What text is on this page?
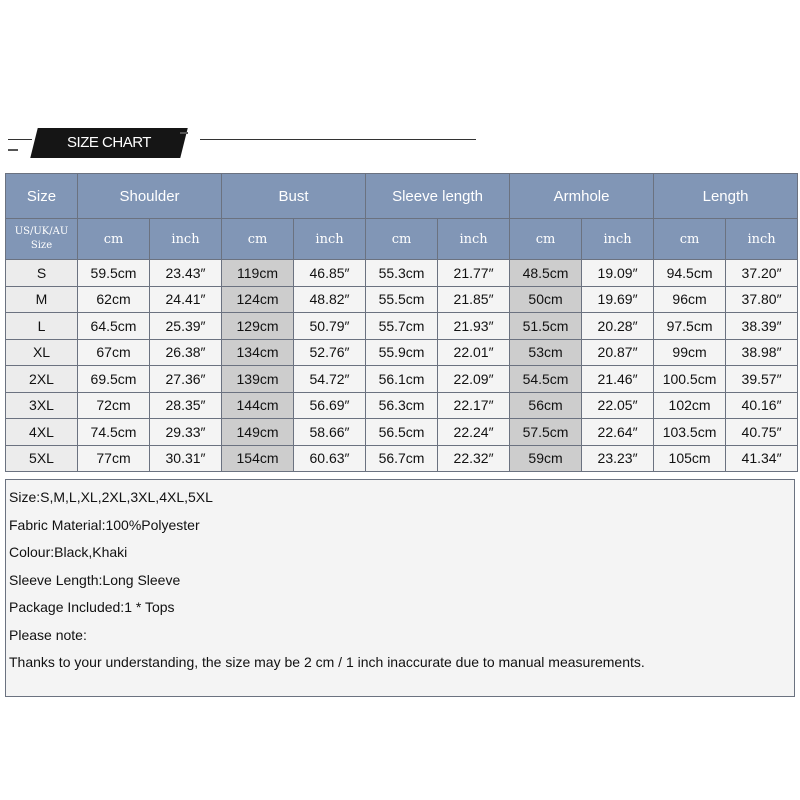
SIZE CHART
Size	Shoulder		Bust		Sleeve length		Armhole		Length	
US/UK/AU Size	cm	inch	cm	inch	cm	inch	cm	inch	cm	inch
S	59.5cm	23.43″	119cm	46.85″	55.3cm	21.77″	48.5cm	19.09″	94.5cm	37.20″
M	62cm	24.41″	124cm	48.82″	55.5cm	21.85″	50cm	19.69″	96cm	37.80″
L	64.5cm	25.39″	129cm	50.79″	55.7cm	21.93″	51.5cm	20.28″	97.5cm	38.39″
XL	67cm	26.38″	134cm	52.76″	55.9cm	22.01″	53cm	20.87″	99cm	38.98″
2XL	69.5cm	27.36″	139cm	54.72″	56.1cm	22.09″	54.5cm	21.46″	100.5cm	39.57″
3XL	72cm	28.35″	144cm	56.69″	56.3cm	22.17″	56cm	22.05″	102cm	40.16″
4XL	74.5cm	29.33″	149cm	58.66″	56.5cm	22.24″	57.5cm	22.64″	103.5cm	40.75″
5XL	77cm	30.31″	154cm	60.63″	56.7cm	22.32″	59cm	23.23″	105cm	41.34″
Size:S,M,L,XL,2XL,3XL,4XL,5XL
Fabric Material:100%Polyester
Colour:Black,Khaki
Sleeve Length:Long Sleeve
Package Included:1 * Tops
Please note:
Thanks to your understanding, the size may be 2 cm / 1 inch inaccurate due to manual measurements.
